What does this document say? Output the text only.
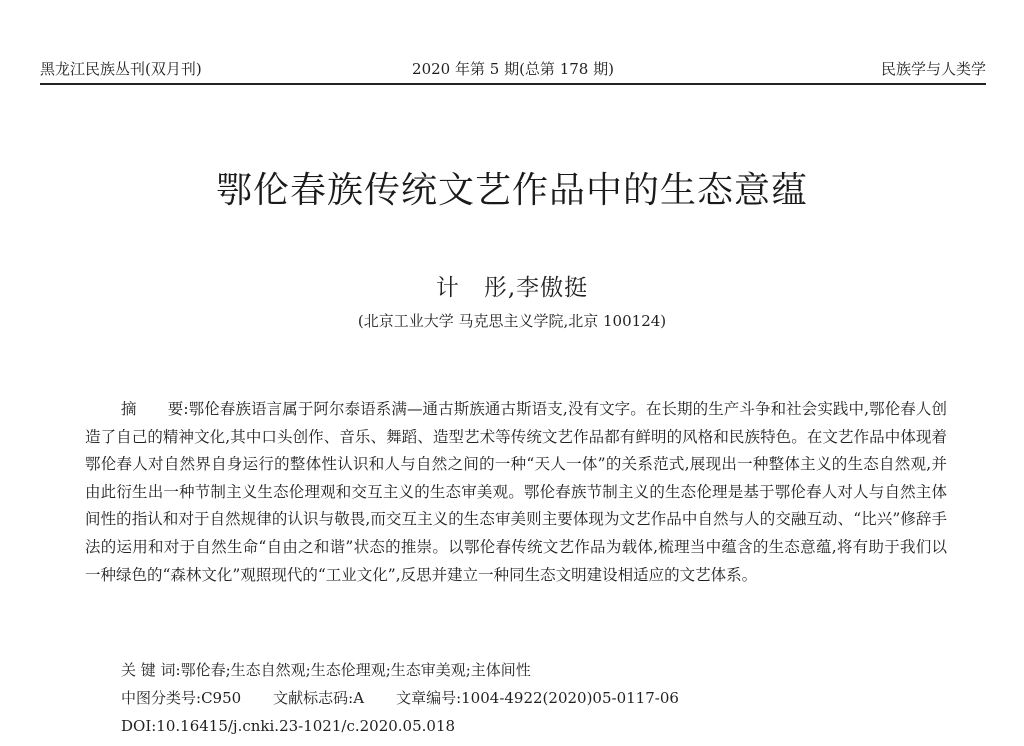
黑龙江民族丛刊(双月刊)	2020 年第 5 期(总第 178 期)	民族学与人类学
鄂伦春族传统文艺作品中的生态意蕴
计　彤,李傲挺
(北京工业大学 马克思主义学院,北京 100124)

摘　　要:鄂伦春族语言属于阿尔泰语系满—通古斯族通古斯语支,没有文字。在长期的生产斗争和社会实践中,鄂伦春人创造了自己的精神文化,其中口头创作、音乐、舞蹈、造型艺术等传统文艺作品都有鲜明的风格和民族特色。在文艺作品中体现着鄂伦春人对自然界自身运行的整体性认识和人与自然之间的一种“天人一体”的关系范式,展现出一种整体主义的生态自然观,并由此衍生出一种节制主义生态伦理观和交互主义的生态审美观。鄂伦春族节制主义的生态伦理是基于鄂伦春人对人与自然主体间性的指认和对于自然规律的认识与敬畏,而交互主义的生态审美则主要体现为文艺作品中自然与人的交融互动、“比兴”修辞手法的运用和对于自然生命“自由之和谐”状态的推崇。以鄂伦春传统文艺作品为载体,梳理当中蕴含的生态意蕴,将有助于我们以一种绿色的“森林文化”观照现代的“工业文化”,反思并建立一种同生态文明建设相适应的文艺体系。

关 键 词:鄂伦春;生态自然观;生态伦理观;生态审美观;主体间性
中图分类号:C950 文献标志码:A 文章编号:1004-4922(2020)05-0117-06
DOI:10.16415/j.cnki.23-1021/c.2020.05.018
